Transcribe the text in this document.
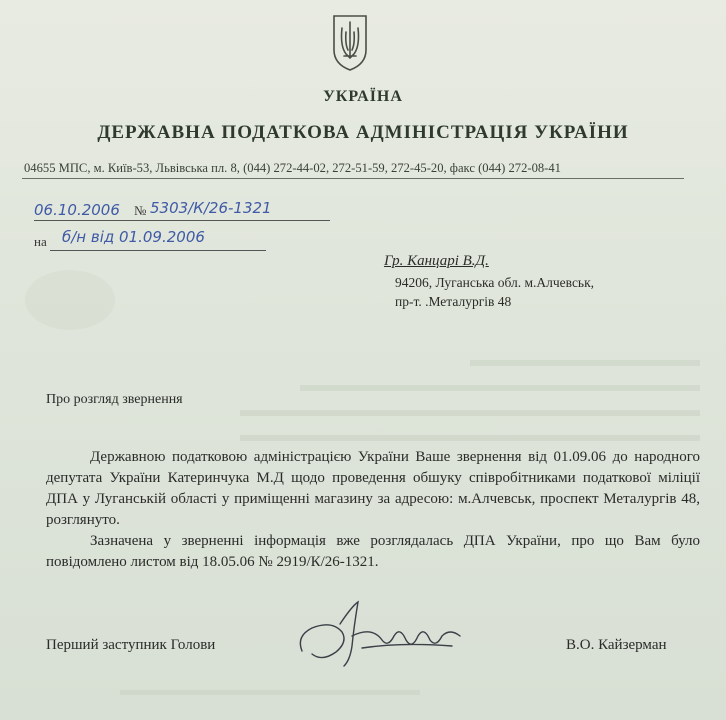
УКРАЇНА
ДЕРЖАВНА ПОДАТКОВА АДМІНІСТРАЦІЯ УКРАЇНИ
04655 МПС, м. Київ-53, Львівська пл. 8, (044) 272-44-02, 272-51-59, 272-45-20, факс (044) 272-08-41
06.10.2006 № 5303/К/26-1321
на б/н від 01.09.2006
Гр. Канцарі В.Д.
94206, Луганська обл. м.Алчевськ,
пр-т. .Металургів 48
Про розгляд звернення

Державною податковою адміністрацією України Ваше звернення від 01.09.06 до народного депутата України Катеринчука М.Д щодо проведення обшуку співробітниками податкової міліції ДПА у Луганській області у приміщенні магазину за адресою: м.Алчевськ, проспект Металургів 48, розглянуто.

Зазначена у зверненні інформація вже розглядалась ДПА України, про що Вам було повідомлено листом від 18.05.06 № 2919/К/26-1321.

Перший заступник Голови	В.О. Кайзерман
